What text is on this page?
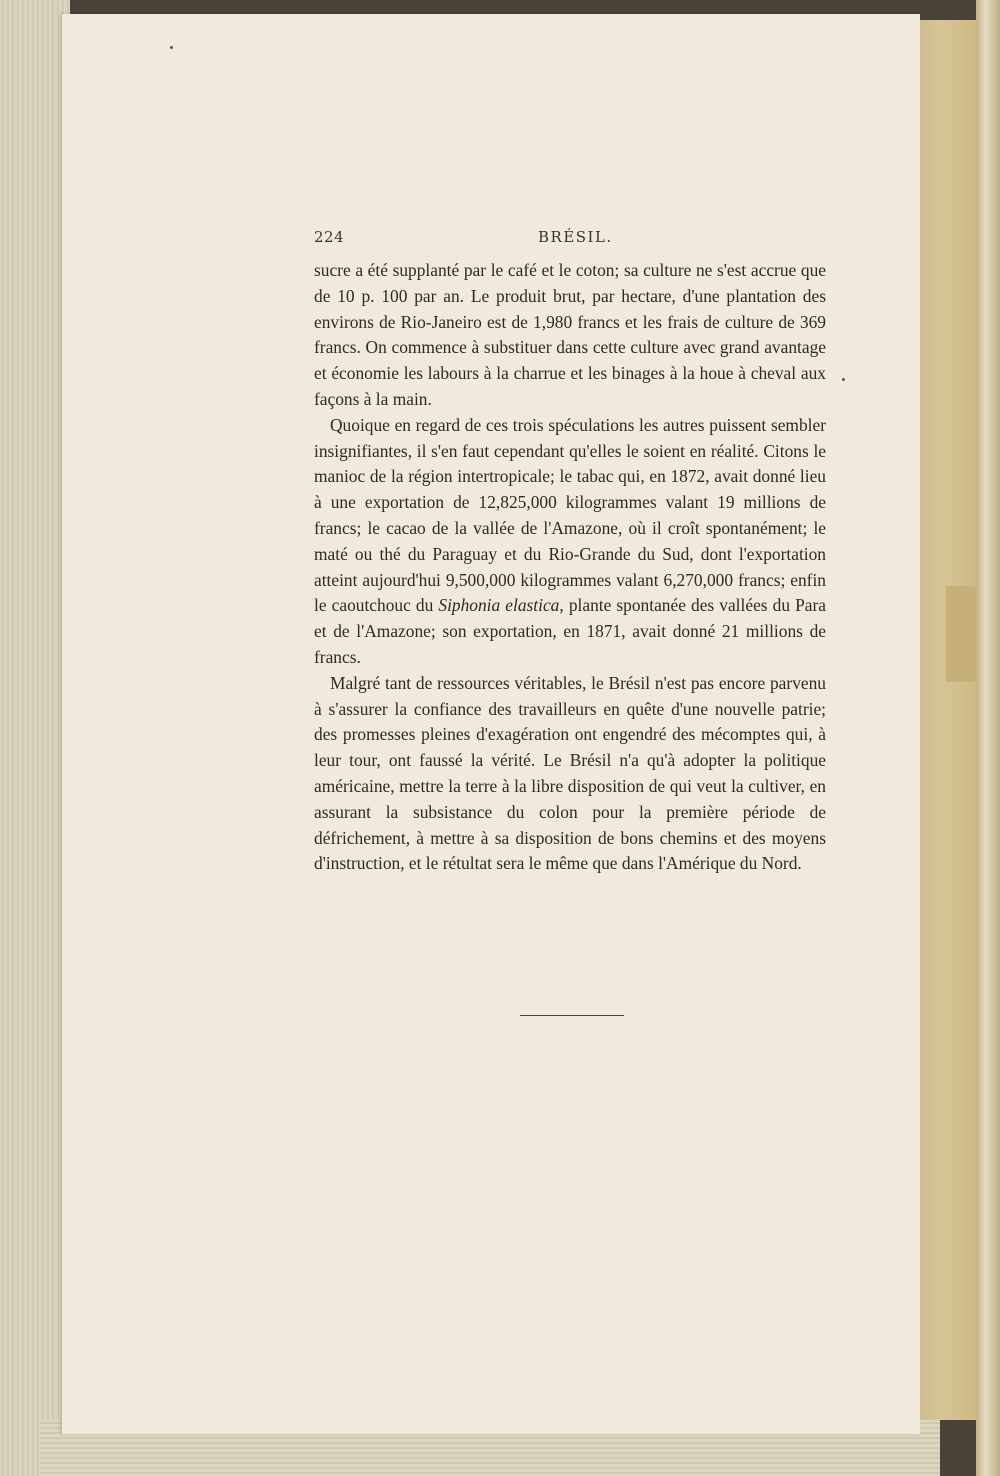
224	BRÉSIL.

sucre a été supplanté par le café et le coton; sa culture ne s'est accrue que de 10 p. 100 par an. Le produit brut, par hectare, d'une plantation des environs de Rio-Janeiro est de 1,980 francs et les frais de culture de 369 francs. On commence à substituer dans cette culture avec grand avantage et économie les labours à la charrue et les binages à la houe à cheval aux façons à la main.

Quoique en regard de ces trois spéculations les autres puissent sembler insignifiantes, il s'en faut cependant qu'elles le soient en réalité. Citons le manioc de la région intertropicale; le tabac qui, en 1872, avait donné lieu à une exportation de 12,825,000 kilogrammes valant 19 millions de francs; le cacao de la vallée de l'Amazone, où il croît spontanément; le maté ou thé du Paraguay et du Rio-Grande du Sud, dont l'exportation atteint aujourd'hui 9,500,000 kilogrammes valant 6,270,000 francs; enfin le caoutchouc du Siphonia elastica, plante spontanée des vallées du Para et de l'Amazone; son exportation, en 1871, avait donné 21 millions de francs.

Malgré tant de ressources véritables, le Brésil n'est pas encore parvenu à s'assurer la confiance des travailleurs en quête d'une nouvelle patrie; des promesses pleines d'exagération ont engendré des mécomptes qui, à leur tour, ont faussé la vérité. Le Brésil n'a qu'à adopter la politique américaine, mettre la terre à la libre disposition de qui veut la cultiver, en assurant la subsistance du colon pour la première période de défrichement, à mettre à sa disposition de bons chemins et des moyens d'instruction, et le rétultat sera le même que dans l'Amérique du Nord.
